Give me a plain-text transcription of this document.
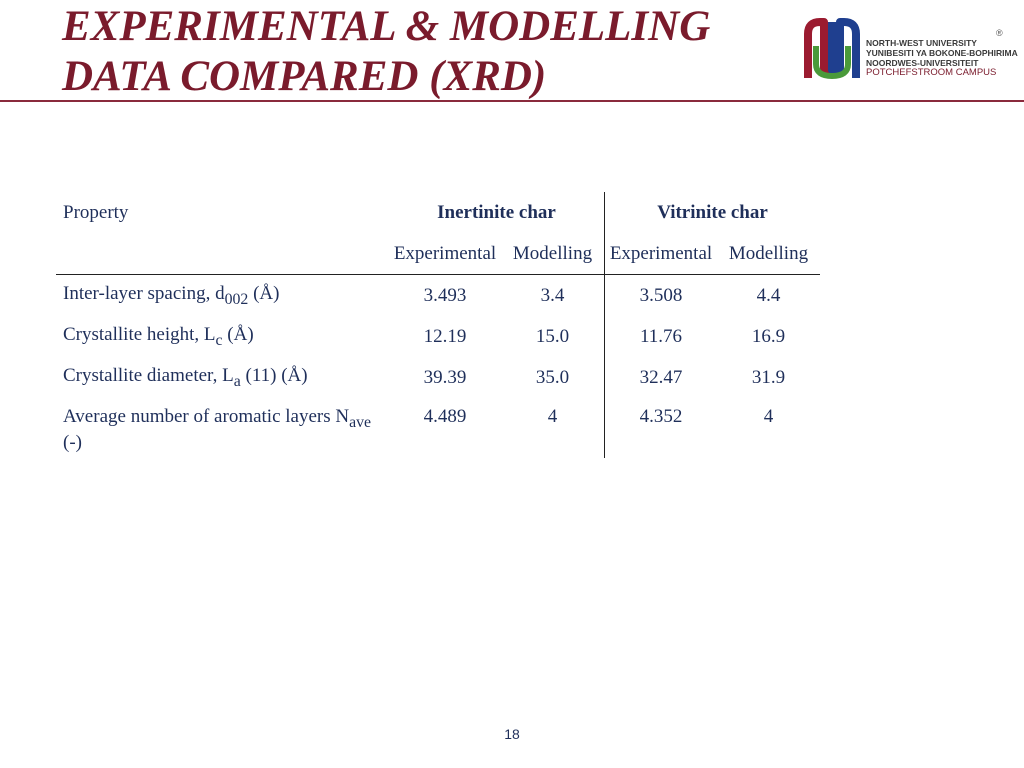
EXPERIMENTAL & MODELLING DATA COMPARED (XRD)
NORTH-WEST UNIVERSITY
YUNIBESITI YA BOKONE-BOPHIRIMA
NOORDWES-UNIVERSITEIT
POTCHEFSTROOM CAMPUS
®
Property	Inertinite char		Vitrinite char	
	Experimental	Modelling	Experimental	Modelling
Inter-layer spacing, $d_{002}$ (Å)	3.493	3.4	3.508	4.4
Crystallite height, $L_c$ (Å)	12.19	15.0	11.76	16.9
Crystallite diameter, $L_a$ (11) (Å)	39.39	35.0	32.47	31.9
Average number of aromatic layers $N_{ave}$ (-)	4.489	4	4.352	4
18
